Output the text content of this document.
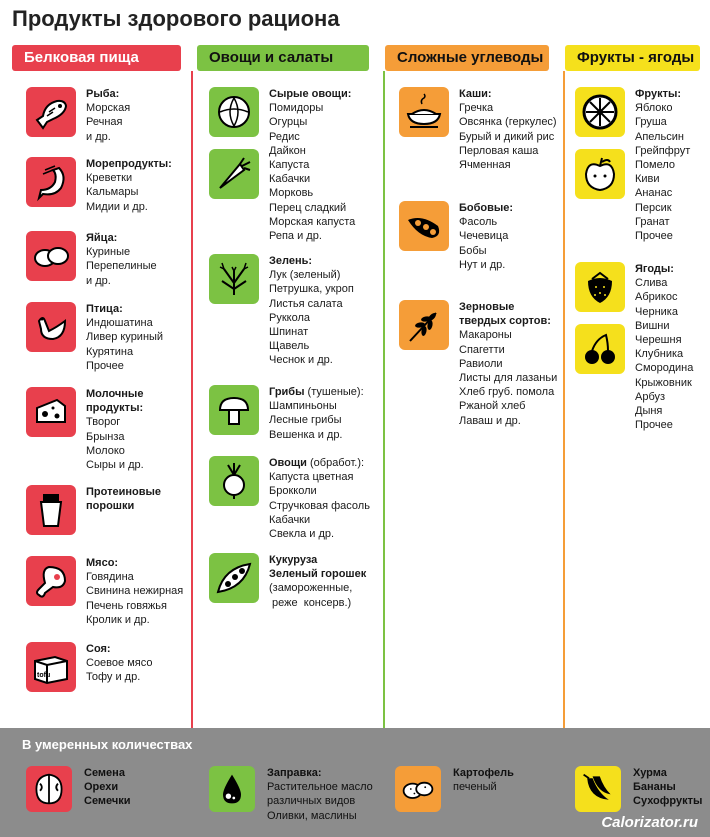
Продукты здорового рациона
Белковая пища	Овощи и салаты	Сложные углеводы	Фрукты - ягоды
Рыба:
Морская
Речная
и др.
Морепродукты:
Креветки
Кальмары
Мидии и др.
Яйца:
Куриные
Перепелиные
и др.
Птица:
Индюшатина
Ливер куриный
Курятина
Прочее
Молочные
продукты:
Творог
Брынза
Молоко
Сыры и др.
Протеиновые
порошки
Мясо:
Говядина
Свинина нежирная
Печень говяжья
Кролик и др.
tofu
Соя:
Соевое мясо
Тофу и др.
Сырые овощи:
Помидоры
Огурцы
Редис
Дайкон
Капуста
Кабачки
Морковь
Перец сладкий
Морская капуста
Репа и др.
Зелень:
Лук (зеленый)
Петрушка, укроп
Листья салата
Руккола
Шпинат
Щавель
Чеснок и др.
Грибы (тушеные):
Шампиньоны
Лесные грибы
Вешенка и др.
Овощи (обработ.):
Капуста цветная
Брокколи
Стручковая фасоль
Кабачки
Свекла и др.
Кукуруза
Зеленый горошек
(замороженные,
реже  консерв.)
Каши:
Гречка
Овсянка (геркулес)
Бурый и дикий рис
Перловая каша
Ячменная
Бобовые:
Фасоль
Чечевица
Бобы
Нут и др.
Зерновые
твердых сортов:
Макароны
Спагетти
Равиоли
Листы для лазаньи
Хлеб груб. помола
Ржаной хлеб
Лаваш и др.
Фрукты:
Яблоко
Груша
Апельсин
Грейпфрут
Помело
Киви
Ананас
Персик
Гранат
Прочее
Ягоды:
Слива
Абрикос
Черника
Вишни
Черешня
Клубника
Смородина
Крыжовник
Арбуз
Дыня
Прочее
В умеренных количествах
Семена
Орехи
Семечки
Заправка:
Растительное масло
различных видов
Оливки, маслины
Картофель
печеный
Хурма
Бананы
Сухофрукты
Calorizator.ru
